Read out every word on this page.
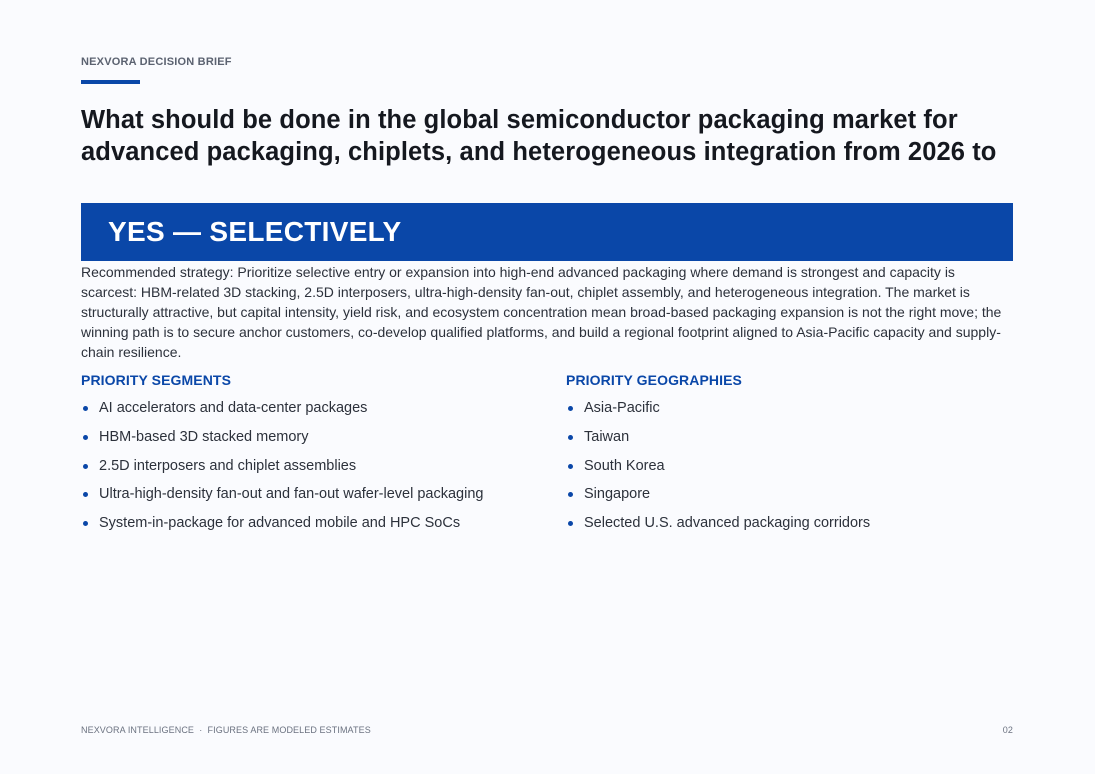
NEXVORA DECISION BRIEF
What should be done in the global semiconductor packaging market for advanced packaging, chiplets, and heterogeneous integration from 2026 to
YES — SELECTIVELY

Recommended strategy: Prioritize selective entry or expansion into high-end advanced packaging where demand is strongest and capacity is scarcest: HBM-related 3D stacking, 2.5D interposers, ultra-high-density fan-out, chiplet assembly, and heterogeneous integration. The market is structurally attractive, but capital intensity, yield risk, and ecosystem concentration mean broad-based packaging expansion is not the right move; the winning path is to secure anchor customers, co-develop qualified platforms, and build a regional footprint aligned to Asia-Pacific capacity and supply-chain resilience.

PRIORITY SEGMENTS
AI accelerators and data-center packages
HBM-based 3D stacked memory
2.5D interposers and chiplet assemblies
Ultra-high-density fan-out and fan-out wafer-level packaging
System-in-package for advanced mobile and HPC SoCs
PRIORITY GEOGRAPHIES
Asia-Pacific
Taiwan
South Korea
Singapore
Selected U.S. advanced packaging corridors
NEXVORA INTELLIGENCE  ·  FIGURES ARE MODELED ESTIMATES	02
